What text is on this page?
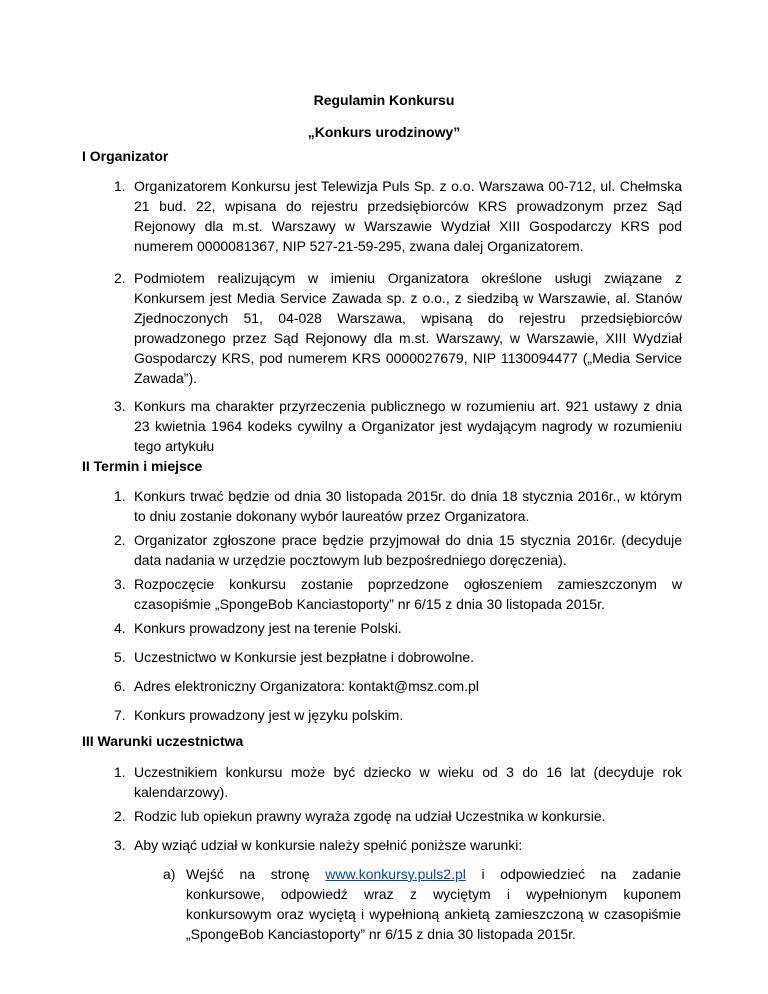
Regulamin Konkursu
„Konkurs urodzinowy”
I Organizator
1. Organizatorem Konkursu jest Telewizja Puls Sp. z o.o. Warszawa 00-712, ul. Chełmska 21 bud. 22, wpisana do rejestru przedsiębiorców KRS prowadzonym przez Sąd Rejonowy dla m.st. Warszawy w Warszawie Wydział XIII Gospodarczy KRS pod numerem 0000081367, NIP 527-21-59-295, zwana dalej Organizatorem.
2. Podmiotem realizującym w imieniu Organizatora określone usługi związane z Konkursem jest Media Service Zawada sp. z o.o., z siedzibą w Warszawie, al. Stanów Zjednoczonych 51, 04-028 Warszawa, wpisaną do rejestru przedsiębiorców prowadzonego przez Sąd Rejonowy dla m.st. Warszawy, w Warszawie, XIII Wydział Gospodarczy KRS, pod numerem KRS 0000027679, NIP 1130094477 („Media Service Zawada”).
3. Konkurs ma charakter przyrzeczenia publicznego w rozumieniu art. 921 ustawy z dnia 23 kwietnia 1964 kodeks cywilny a Organizator jest wydającym nagrody w rozumieniu tego artykułu
II Termin i miejsce
1. Konkurs trwać będzie od dnia 30 listopada 2015r. do dnia 18 stycznia 2016r., w którym to dniu zostanie dokonany wybór laureatów przez Organizatora.
2. Organizator zgłoszone prace będzie przyjmował do dnia 15 stycznia 2016r. (decyduje data nadania w urzędzie pocztowym lub bezpośredniego doręczenia).
3. Rozpoczęcie konkursu zostanie poprzedzone ogłoszeniem zamieszczonym w czasopiśmie „SpongeBob Kanciastoporty” nr 6/15 z dnia 30 listopada 2015r.
4. Konkurs prowadzony jest na terenie Polski.
5. Uczestnictwo w Konkursie jest bezpłatne i dobrowolne.
6. Adres elektroniczny Organizatora: kontakt@msz.com.pl
7. Konkurs prowadzony jest w języku polskim.
III Warunki uczestnictwa
1. Uczestnikiem konkursu może być dziecko w wieku od 3 do 16 lat (decyduje rok kalendarzowy).
2. Rodzic lub opiekun prawny wyraża zgodę na udział Uczestnika w konkursie.
3. Aby wziąć udział w konkursie należy spełnić poniższe warunki:
a) Wejść na stronę www.konkursy.puls2.pl i odpowiedzieć na zadanie konkursowe, odpowiedź wraz z wyciętym i wypełnionym kuponem konkursowym oraz wyciętą i wypełnioną ankietą zamieszczoną w czasopiśmie „SpongeBob Kanciastoporty” nr 6/15 z dnia 30 listopada 2015r.
